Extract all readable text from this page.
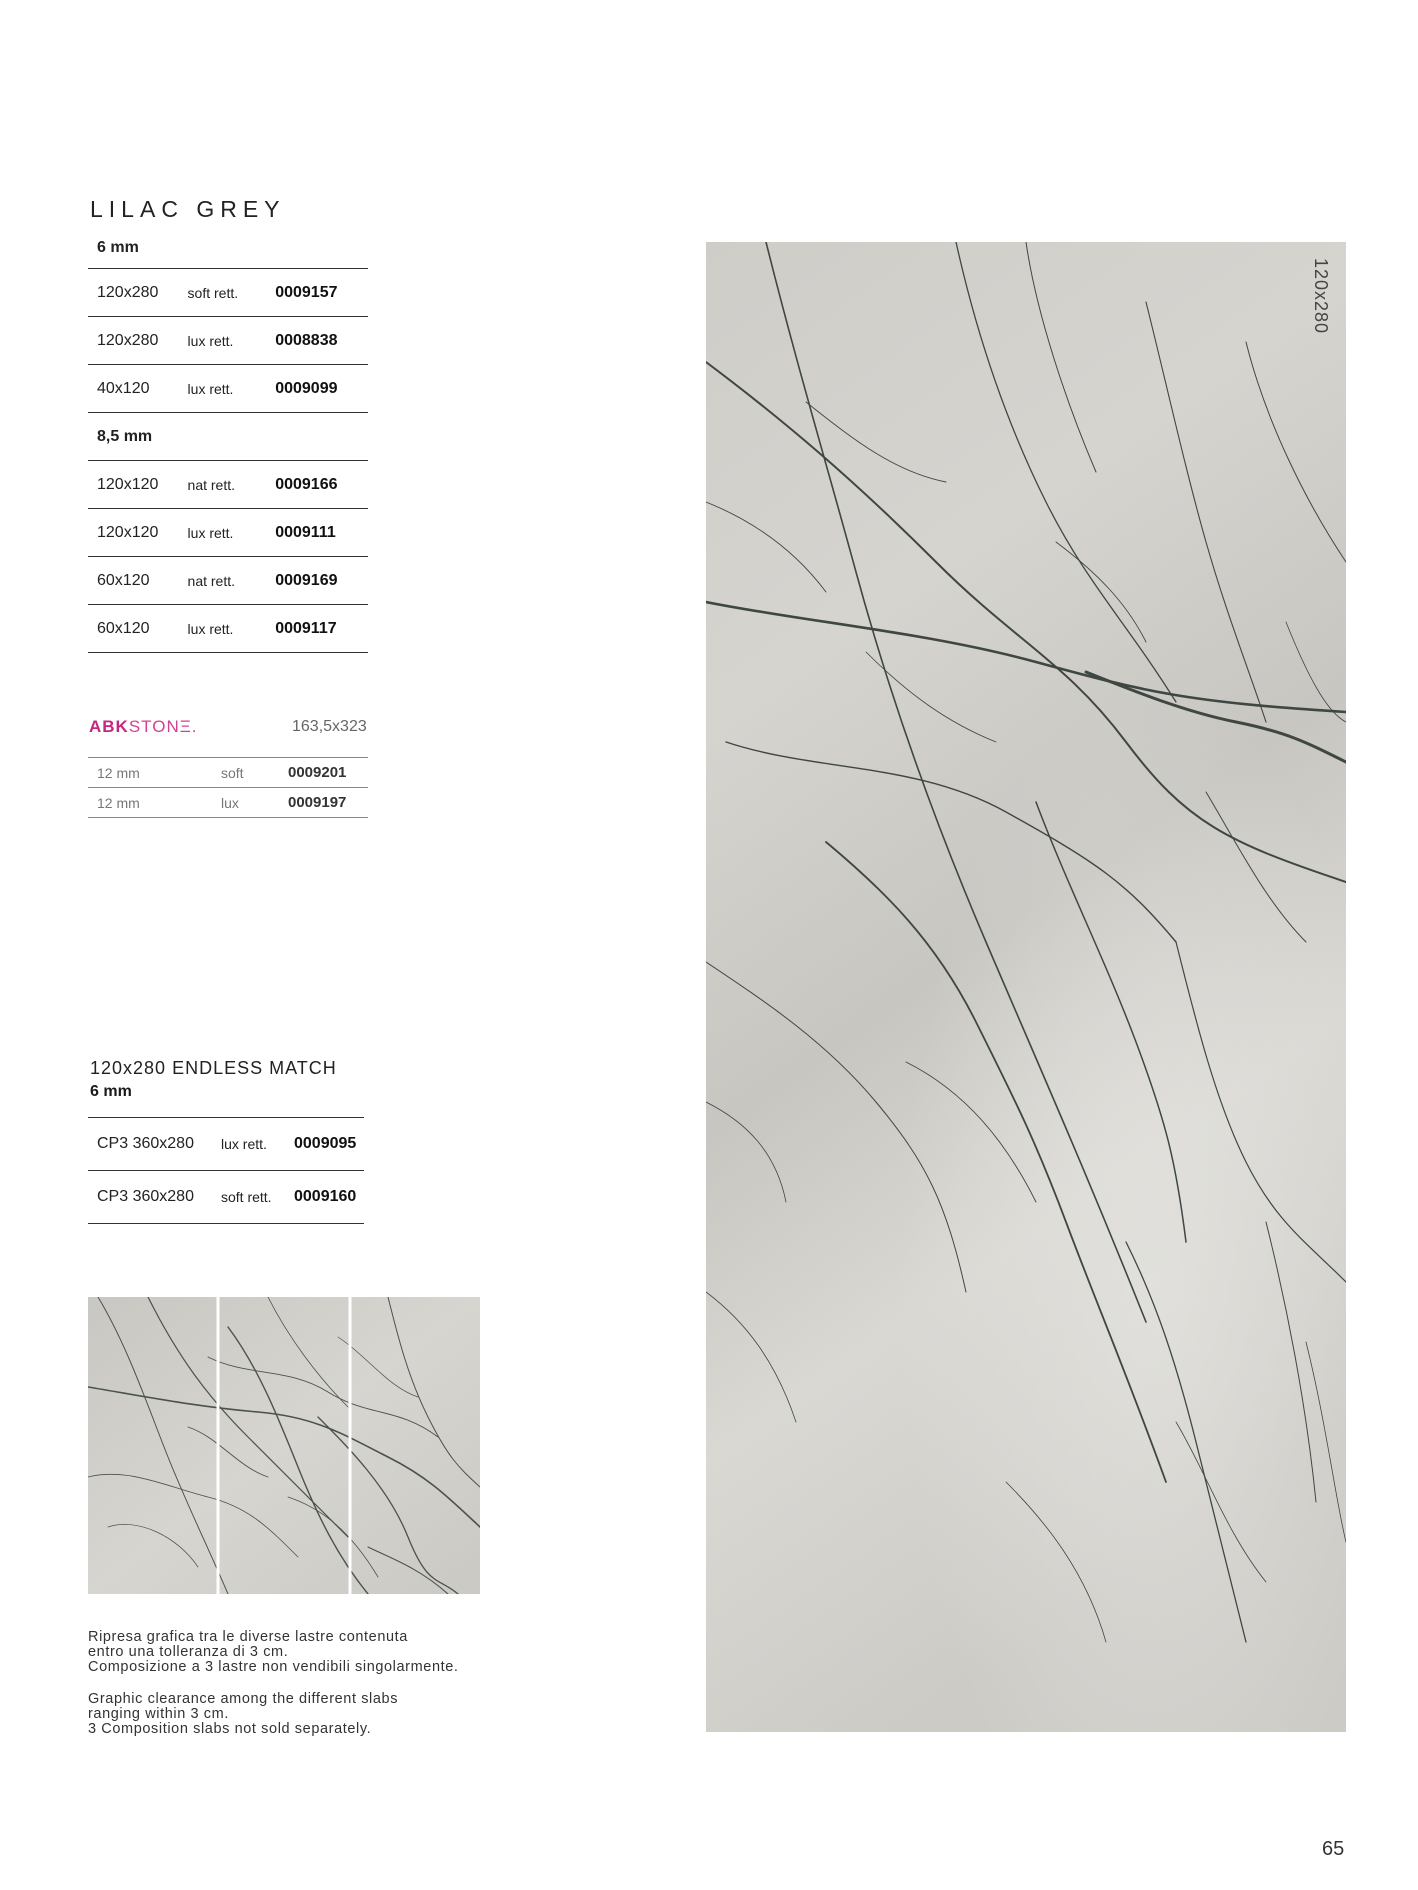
LILAC GREY
6 mm		
120x280	soft rett.	0009157
120x280	lux rett.	0008838
40x120	lux rett.	0009099
8,5 mm		
120x120	nat rett.	0009166
120x120	lux rett.	0009111
60x120	nat rett.	0009169
60x120	lux rett.	0009117
ABKSTONΞ.	163,5x323
12 mm	soft	0009201
12 mm	lux	0009197
120x280 ENDLESS MATCH
6 mm
CP3 360x280	lux rett.	0009095
CP3 360x280	soft rett.	0009160
Ripresa grafica tra le diverse lastre contenuta
entro una tolleranza di 3 cm.
Composizione a 3 lastre non vendibili singolarmente.
Graphic clearance among the different slabs
ranging within 3 cm.
3 Composition slabs not sold separately.
120x280
65
